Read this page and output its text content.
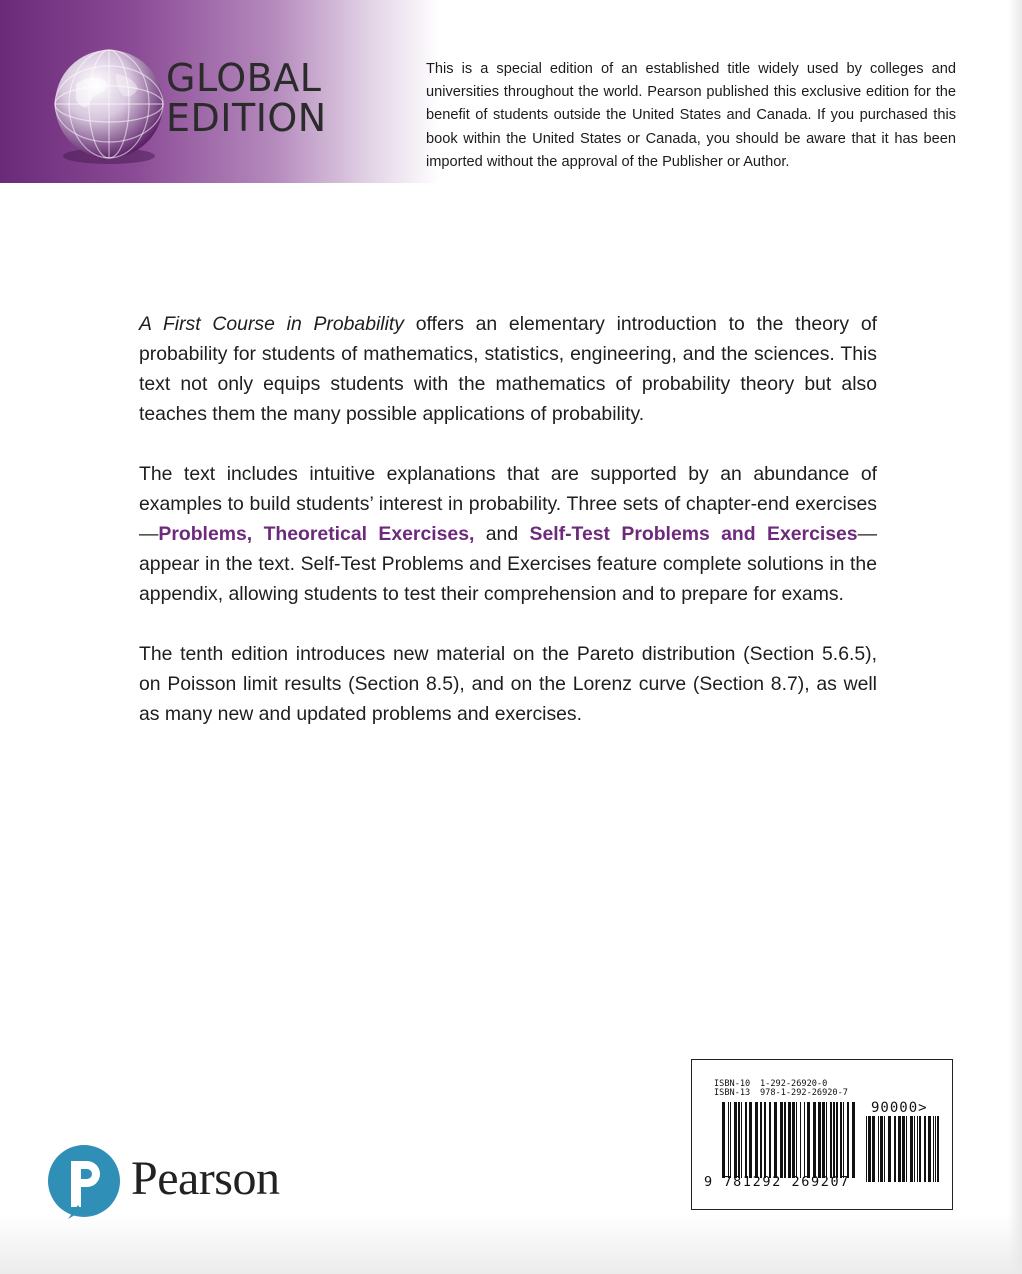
GLOBAL
EDITION

This is a special edition of an established title widely used by colleges and universities throughout the world. Pearson published this exclusive edition for the benefit of students outside the United States and Canada. If you purchased this book within the United States or Canada, you should be aware that it has been imported without the approval of the Publisher or Author.

A First Course in Probability offers an elementary introduction to the theory of probability for students of mathematics, statistics, engineering, and the sciences. This text not only equips students with the mathematics of probability theory but also teaches them the many possible applications of probability.

The text includes intuitive explanations that are supported by an abundance of examples to build students’ interest in probability. Three sets of chapter-end exercises—Problems, Theoretical Exercises, and Self-Test Problems and Exercises—appear in the text. Self-Test Problems and Exercises feature complete solutions in the appendix, allowing students to test their comprehension and to prepare for exams.

The tenth edition introduces new material on the Pareto distribution (Section 5.6.5), on Poisson limit results (Section 8.5), and on the Lorenz curve (Section 8.7), as well as many new and updated problems and exercises.

ISBN-10 1-292-26920-0
ISBN-13 978-1-292-26920-7
90000>
9 781292 269207

Pearson
